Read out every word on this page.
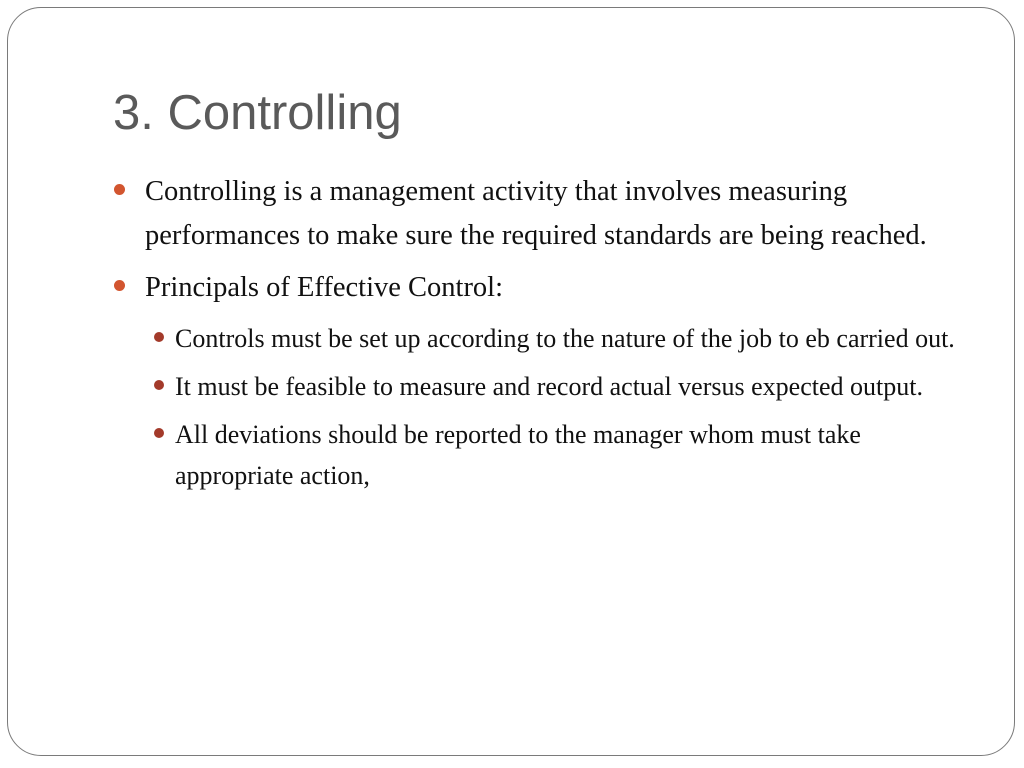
3. Controlling
Controlling is a management activity that involves measuring performances to make sure the required standards are being reached.
Principals of Effective Control:
Controls must be set up according to the nature of the job to eb carried out.
It must be feasible to measure and record actual versus expected output.
All deviations should be reported to the manager whom must take appropriate action,
